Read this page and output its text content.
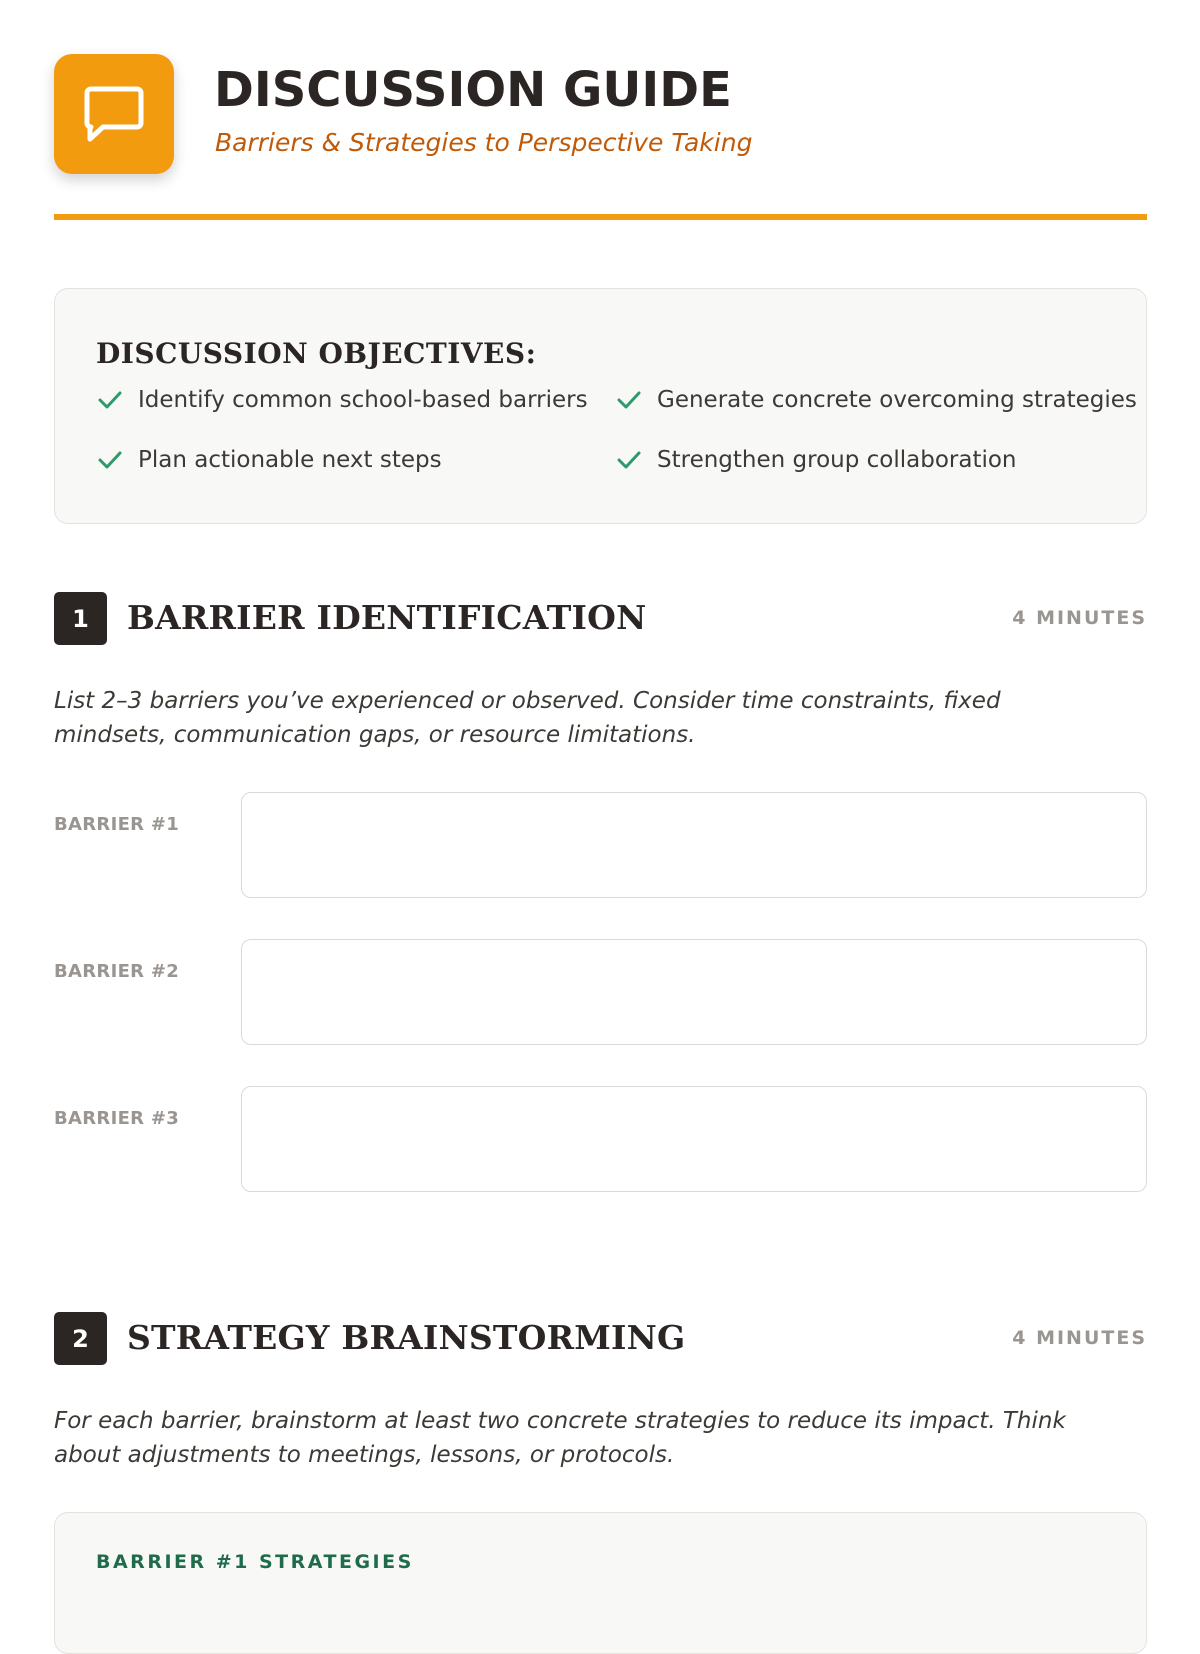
DISCUSSION GUIDE
Barriers & Strategies to Perspective Taking
DISCUSSION OBJECTIVES:
Identify common school-based barriers	Generate concrete overcoming strategies
Plan actionable next steps	Strengthen group collaboration
1	BARRIER IDENTIFICATION	4 MINUTES
List 2–3 barriers you’ve experienced or observed. Consider time constraints, fixed mindsets, communication gaps, or resource limitations.
BARRIER #1
BARRIER #2
BARRIER #3
2	STRATEGY BRAINSTORMING	4 MINUTES
For each barrier, brainstorm at least two concrete strategies to reduce its impact. Think about adjustments to meetings, lessons, or protocols.
BARRIER #1 STRATEGIES
